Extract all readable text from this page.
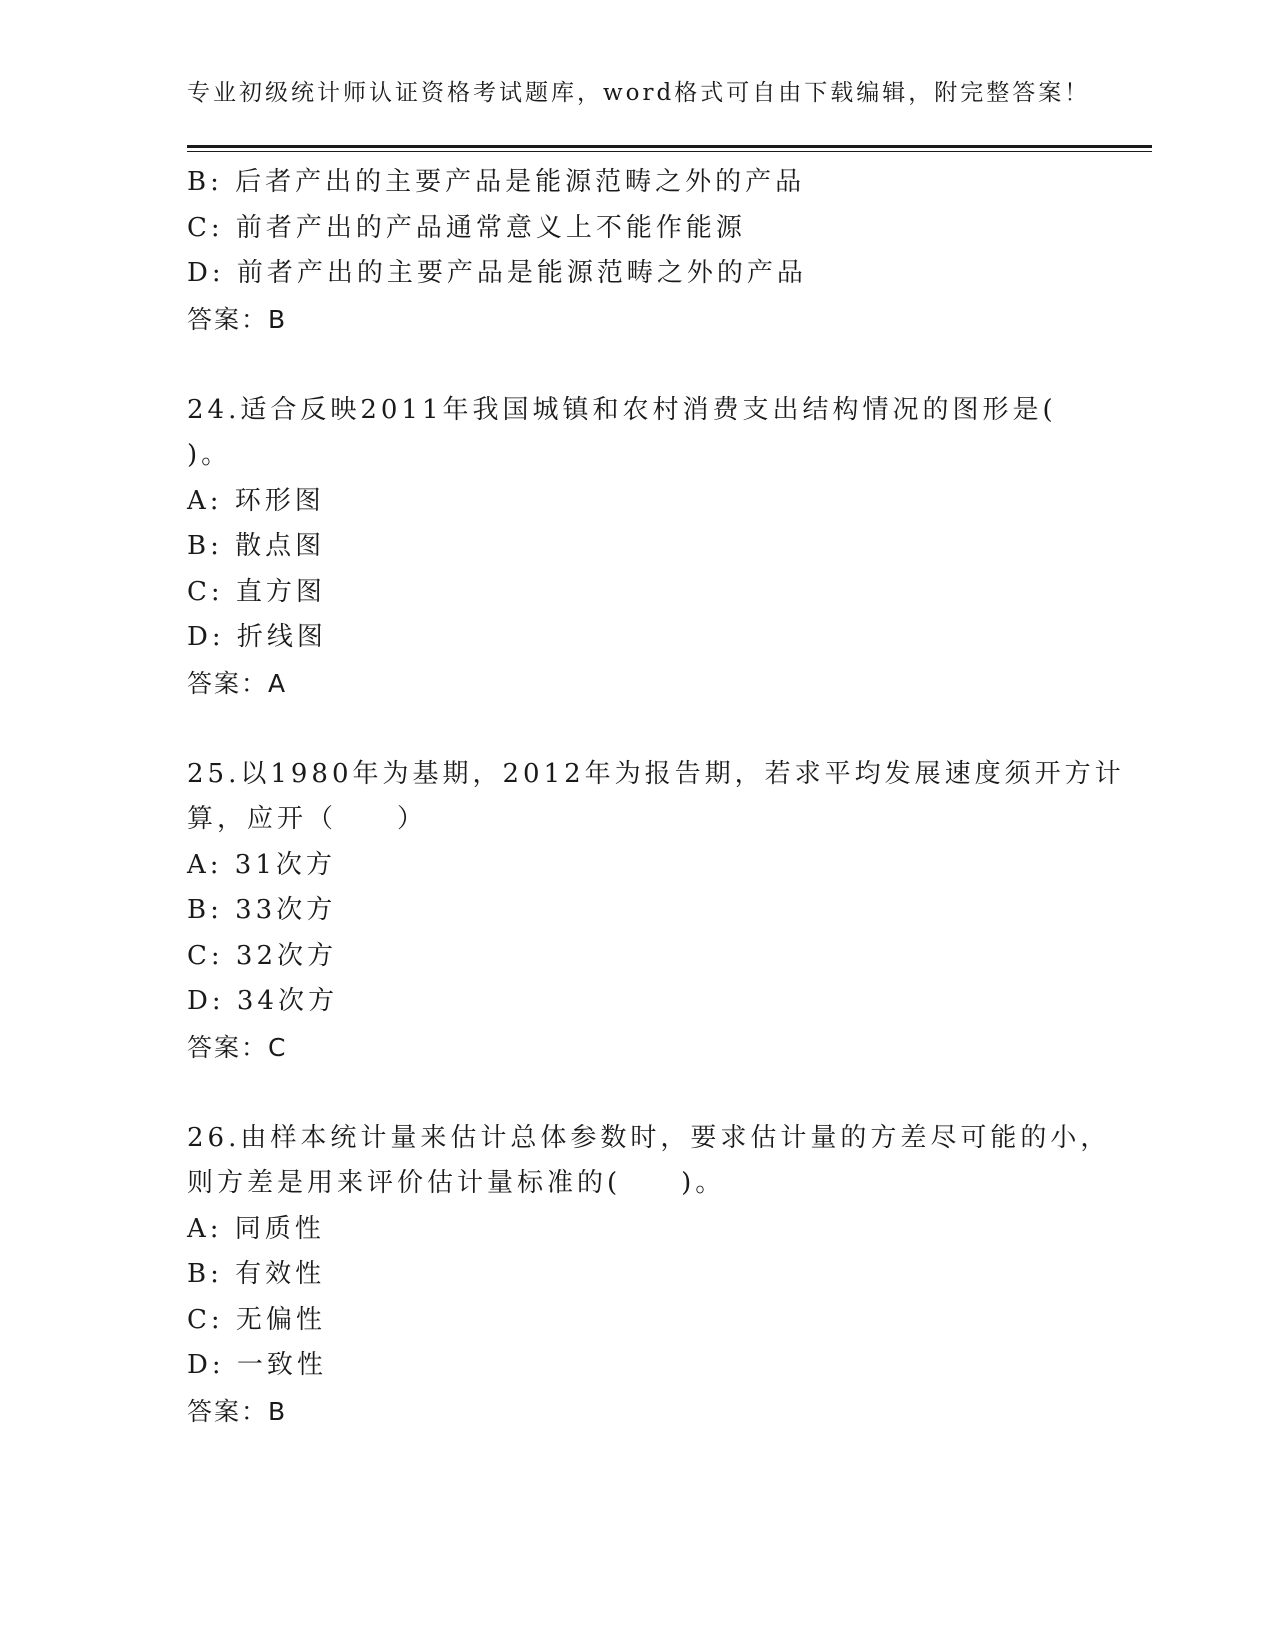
专业初级统计师认证资格考试题库，word格式可自由下载编辑，附完整答案！
B: 后者产出的主要产品是能源范畴之外的产品
C: 前者产出的产品通常意义上不能作能源
D: 前者产出的主要产品是能源范畴之外的产品
答案：B
24.适合反映2011年我国城镇和农村消费支出结构情况的图形是(
)。
A: 环形图
B: 散点图
C: 直方图
D: 折线图
答案：A
25.以1980年为基期，2012年为报告期，若求平均发展速度须开方计
算，应开（　　）
A: 31次方
B: 33次方
C: 32次方
D: 34次方
答案：C
26.由样本统计量来估计总体参数时，要求估计量的方差尽可能的小，
则方差是用来评价估计量标准的(　　)。
A: 同质性
B: 有效性
C: 无偏性
D: 一致性
答案：B
